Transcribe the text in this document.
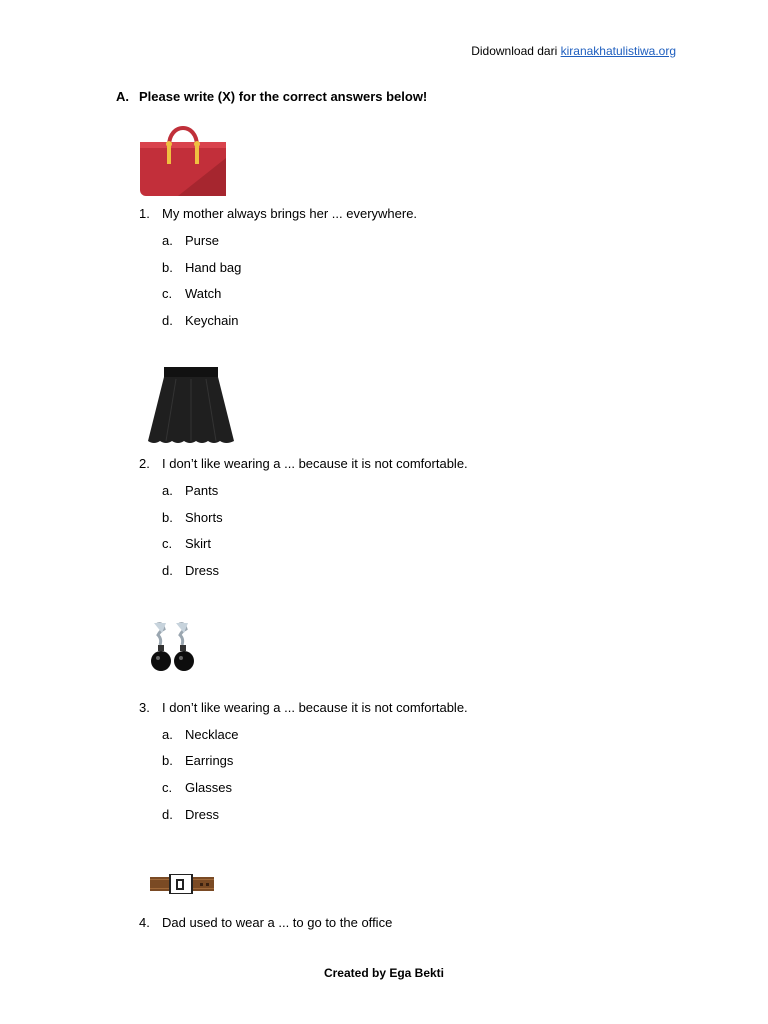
Didownload dari kiranakhatulistiwa.org
A. Please write (X) for the correct answers below!
1. My mother always brings her ... everywhere.
a. Purse
b. Hand bag
c. Watch
d. Keychain
2. I don’t like wearing a ... because it is not comfortable.
a. Pants
b. Shorts
c. Skirt
d. Dress
3. I don’t like wearing a ... because it is not comfortable.
a. Necklace
b. Earrings
c. Glasses
d. Dress
4. Dad used to wear a ... to go to the office
Created by Ega Bekti
